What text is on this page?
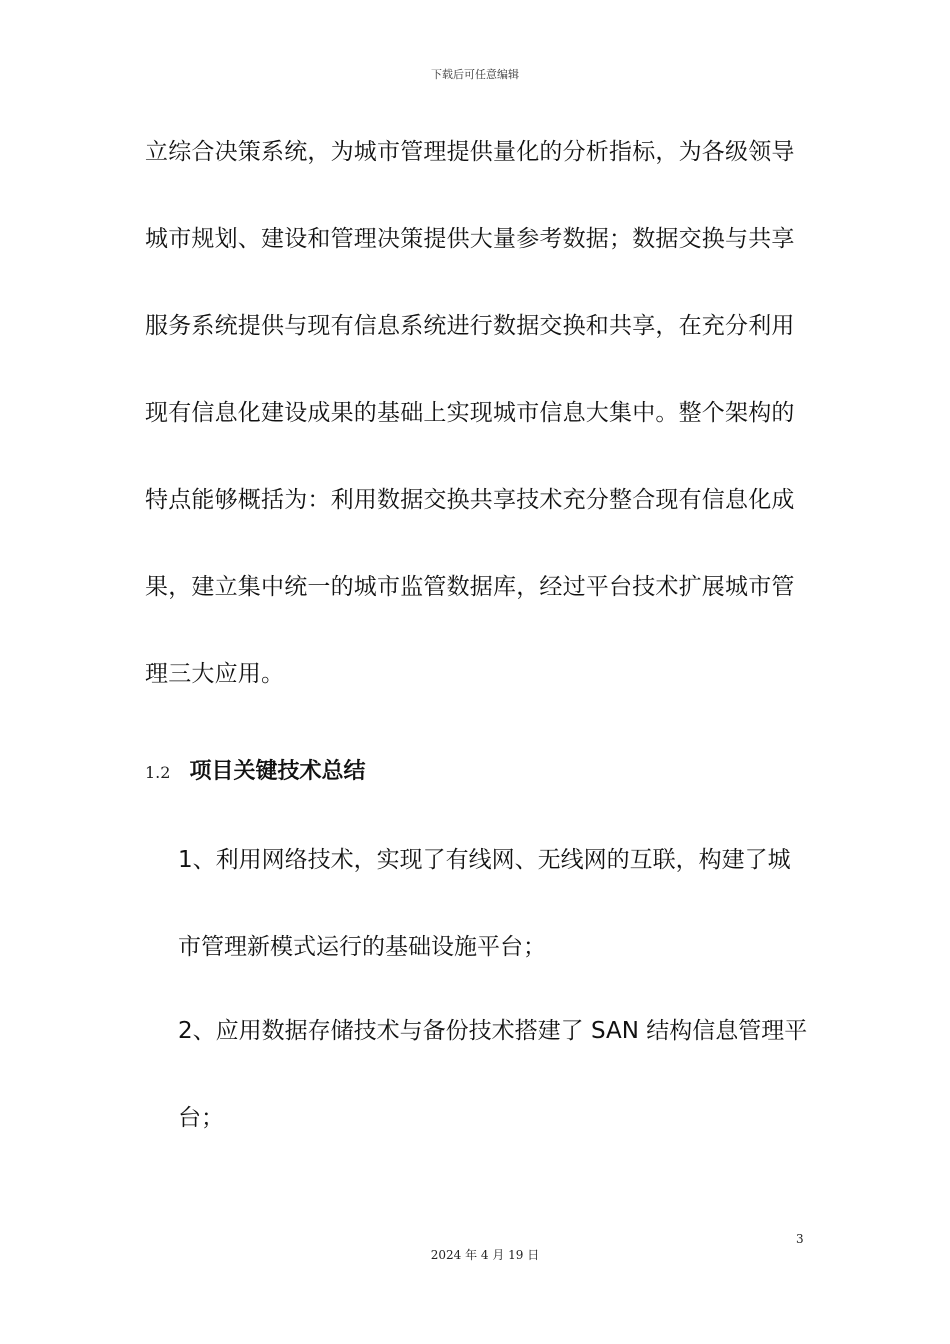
下载后可任意编辑
立综合决策系统，为城市管理提供量化的分析指标，为各级领导
城市规划、建设和管理决策提供大量参考数据；数据交换与共享
服务系统提供与现有信息系统进行数据交换和共享，在充分利用
现有信息化建设成果的基础上实现城市信息大集中。整个架构的
特点能够概括为：利用数据交换共享技术充分整合现有信息化成
果，建立集中统一的城市监管数据库，经过平台技术扩展城市管
理三大应用。
1.2 项目关键技术总结
1、利用网络技术，实现了有线网、无线网的互联，构建了城
市管理新模式运行的基础设施平台；
2、应用数据存储技术与备份技术搭建了 SAN 结构信息管理平
台；
3
2024 年 4 月 19 日
